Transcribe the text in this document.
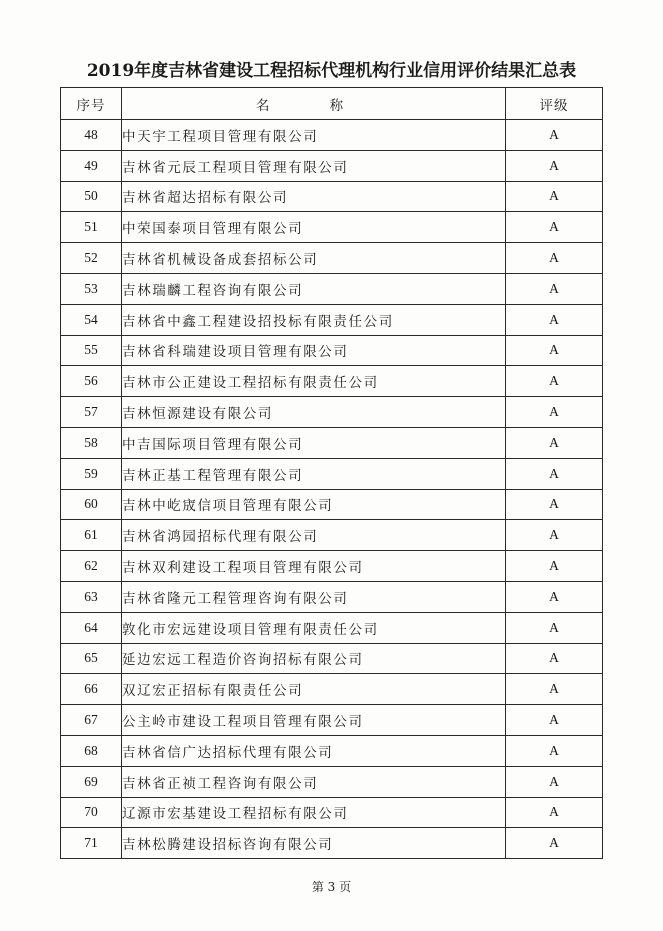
2019年度吉林省建设工程招标代理机构行业信用评价结果汇总表
序号	名 称	评级
48	中天宇工程项目管理有限公司	A
49	吉林省元辰工程项目管理有限公司	A
50	吉林省超达招标有限公司	A
51	中荣国泰项目管理有限公司	A
52	吉林省机械设备成套招标公司	A
53	吉林瑞麟工程咨询有限公司	A
54	吉林省中鑫工程建设招投标有限责任公司	A
55	吉林省科瑞建设项目管理有限公司	A
56	吉林市公正建设工程招标有限责任公司	A
57	吉林恒源建设有限公司	A
58	中吉国际项目管理有限公司	A
59	吉林正基工程管理有限公司	A
60	吉林中屹宬信项目管理有限公司	A
61	吉林省鸿园招标代理有限公司	A
62	吉林双利建设工程项目管理有限公司	A
63	吉林省隆元工程管理咨询有限公司	A
64	敦化市宏远建设项目管理有限责任公司	A
65	延边宏远工程造价咨询招标有限公司	A
66	双辽宏正招标有限责任公司	A
67	公主岭市建设工程项目管理有限公司	A
68	吉林省信广达招标代理有限公司	A
69	吉林省正祯工程咨询有限公司	A
70	辽源市宏基建设工程招标有限公司	A
71	吉林松腾建设招标咨询有限公司	A
第 3 页
